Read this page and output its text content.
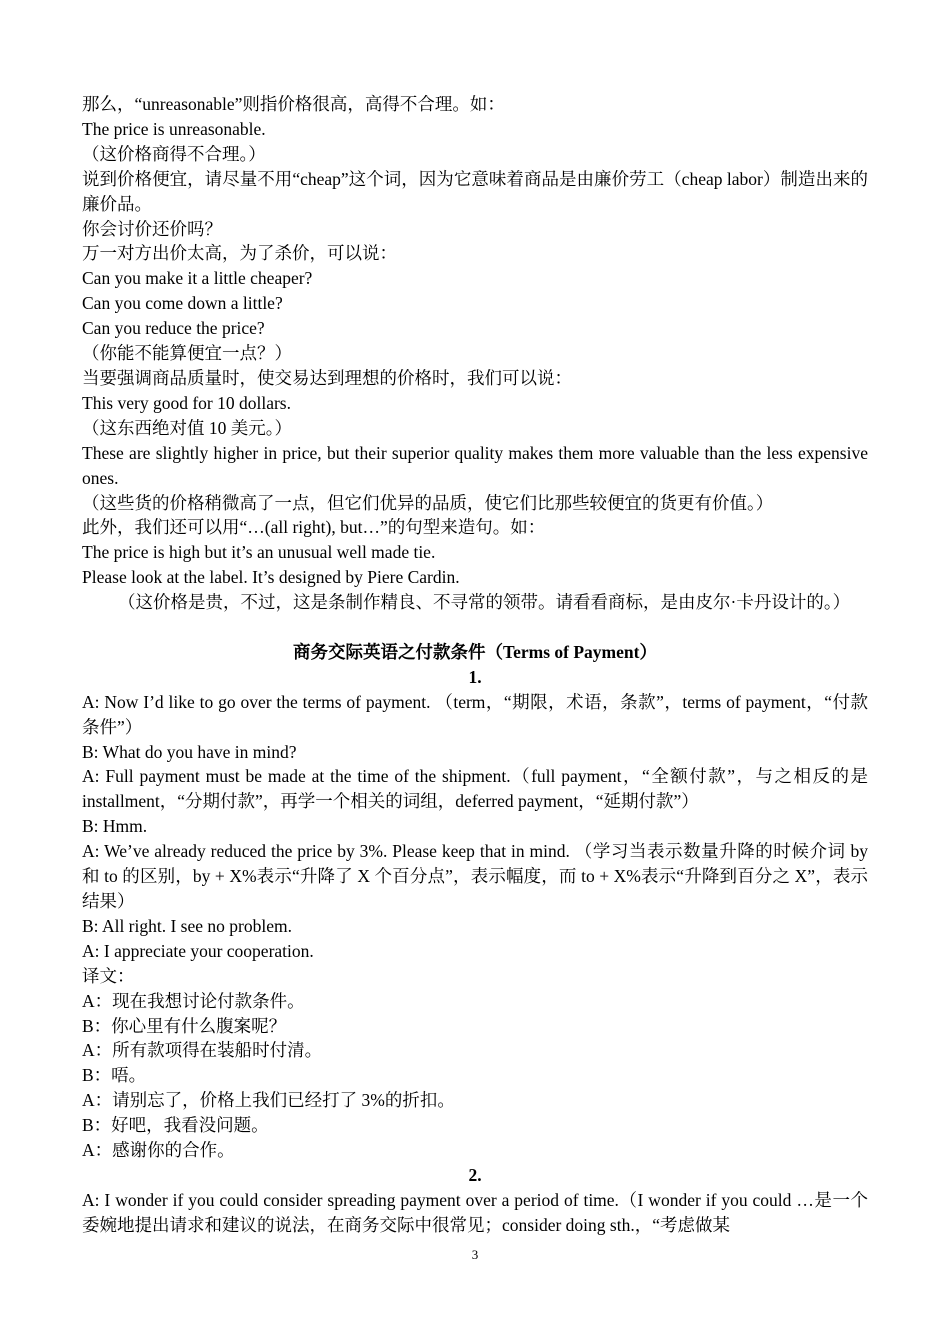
那么，“unreasonable”则指价格很高，高得不合理。如：
The price is unreasonable.
（这价格商得不合理。）
说到价格便宜，请尽量不用“cheap”这个词，因为它意味着商品是由廉价劳工（cheap labor）制造出来的廉价品。
你会讨价还价吗？
万一对方出价太高，为了杀价，可以说：
Can you make it a little cheaper?
Can you come down a little?
Can you reduce the price?
（你能不能算便宜一点？）
当要强调商品质量时，使交易达到理想的价格时，我们可以说：
This very good for 10 dollars.
（这东西绝对值 10 美元。）
These are slightly higher in price, but their superior quality makes them more valuable than the less expensive ones.
（这些货的价格稍微高了一点，但它们优异的品质，使它们比那些较便宜的货更有价值。）
此外，我们还可以用“…(all right), but…”的句型来造句。如：
The price is high but it’s an unusual well made tie.
Please look at the label. It’s designed by Piere Cardin.
（这价格是贵，不过，这是条制作精良、不寻常的领带。请看看商标，是由皮尔·卡丹设计的。）
商务交际英语之付款条件（Terms of Payment）
1.
A: Now I’d like to go over the terms of payment. （term，“期限，术语，条款”，terms of payment，“付款条件”）
B: What do you have in mind?
A: Full payment must be made at the time of the shipment.（full payment，“全额付款”，与之相反的是 installment，“分期付款”，再学一个相关的词组，deferred payment，“延期付款”）
B: Hmm.
A: We’ve already reduced the price by 3%. Please keep that in mind. （学习当表示数量升降的时候介词 by 和 to 的区别，by + X%表示“升降了 X 个百分点”，表示幅度，而 to + X%表示“升降到百分之 X”，表示结果）
B: All right. I see no problem.
A: I appreciate your cooperation.
译文：
A：现在我想讨论付款条件。
B：你心里有什么腹案呢？
A：所有款项得在装船时付清。
B：唔。
A：请别忘了，价格上我们已经打了 3%的折扣。
B：好吧，我看没问题。
A：感谢你的合作。
2.
A: I wonder if you could consider spreading payment over a period of time.（I wonder if you could …是一个委婉地提出请求和建议的说法，在商务交际中很常见；consider doing sth.，“考虑做某
3
